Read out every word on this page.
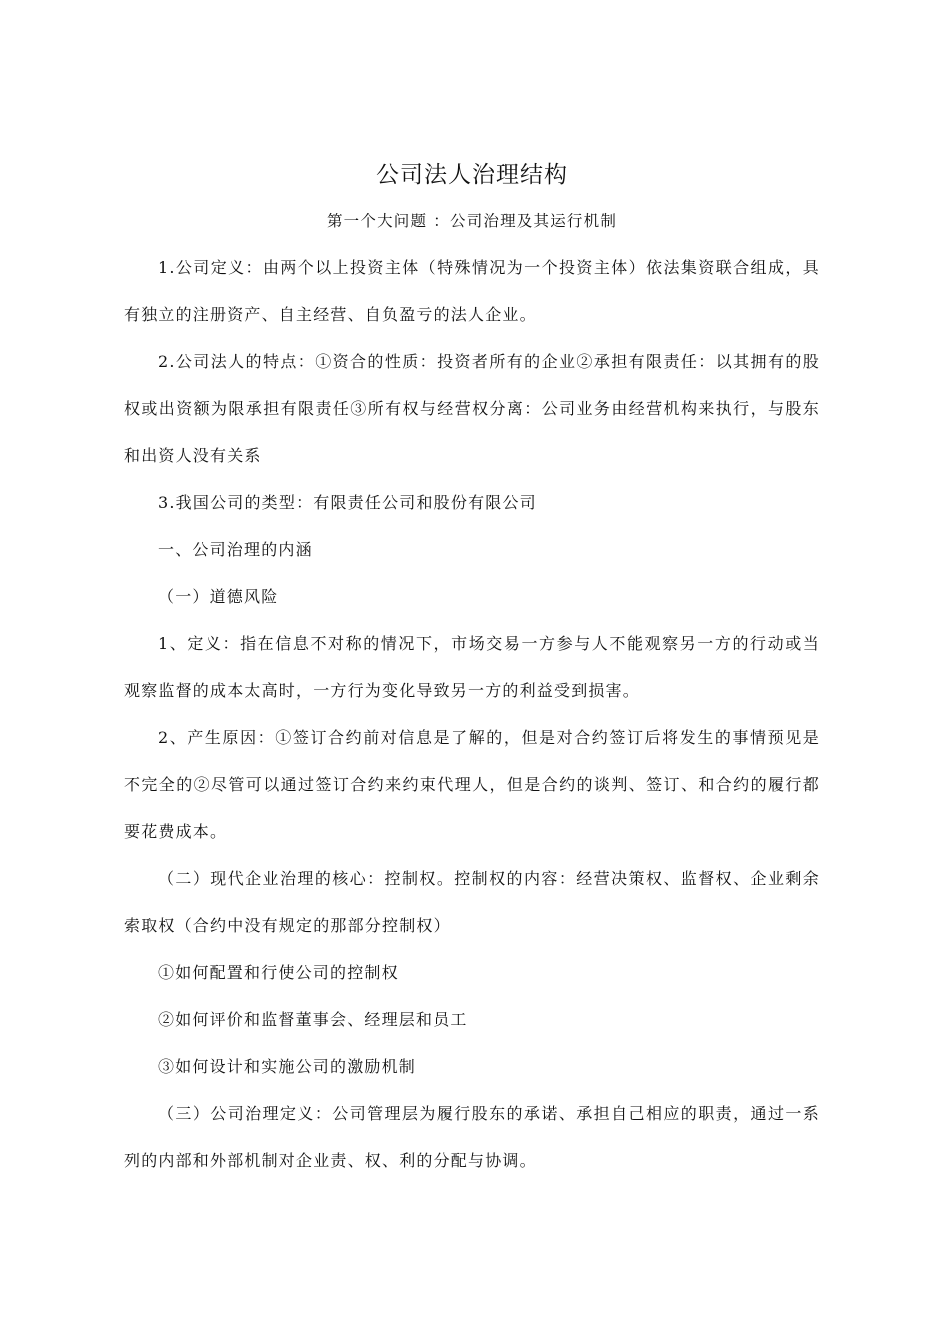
公司法人治理结构
第一个大问题 ：公司治理及其运行机制

1.公司定义：由两个以上投资主体（特殊情况为一个投资主体）依法集资联合组成，具有独立的注册资产、自主经营、自负盈亏的法人企业。

2.公司法人的特点：①资合的性质：投资者所有的企业②承担有限责任：以其拥有的股权或出资额为限承担有限责任③所有权与经营权分离：公司业务由经营机构来执行，与股东和出资人没有关系

3.我国公司的类型：有限责任公司和股份有限公司

一、公司治理的内涵

（一）道德风险

1、定义：指在信息不对称的情况下，市场交易一方参与人不能观察另一方的行动或当观察监督的成本太高时，一方行为变化导致另一方的利益受到损害。

2、产生原因：①签订合约前对信息是了解的，但是对合约签订后将发生的事情预见是不完全的②尽管可以通过签订合约来约束代理人，但是合约的谈判、签订、和合约的履行都要花费成本。

（二）现代企业治理的核心：控制权。控制权的内容：经营决策权、监督权、企业剩余索取权（合约中没有规定的那部分控制权）

①如何配置和行使公司的控制权

②如何评价和监督董事会、经理层和员工

③如何设计和实施公司的激励机制

（三）公司治理定义：公司管理层为履行股东的承诺、承担自己相应的职责，通过一系列的内部和外部机制对企业责、权、利的分配与协调。
